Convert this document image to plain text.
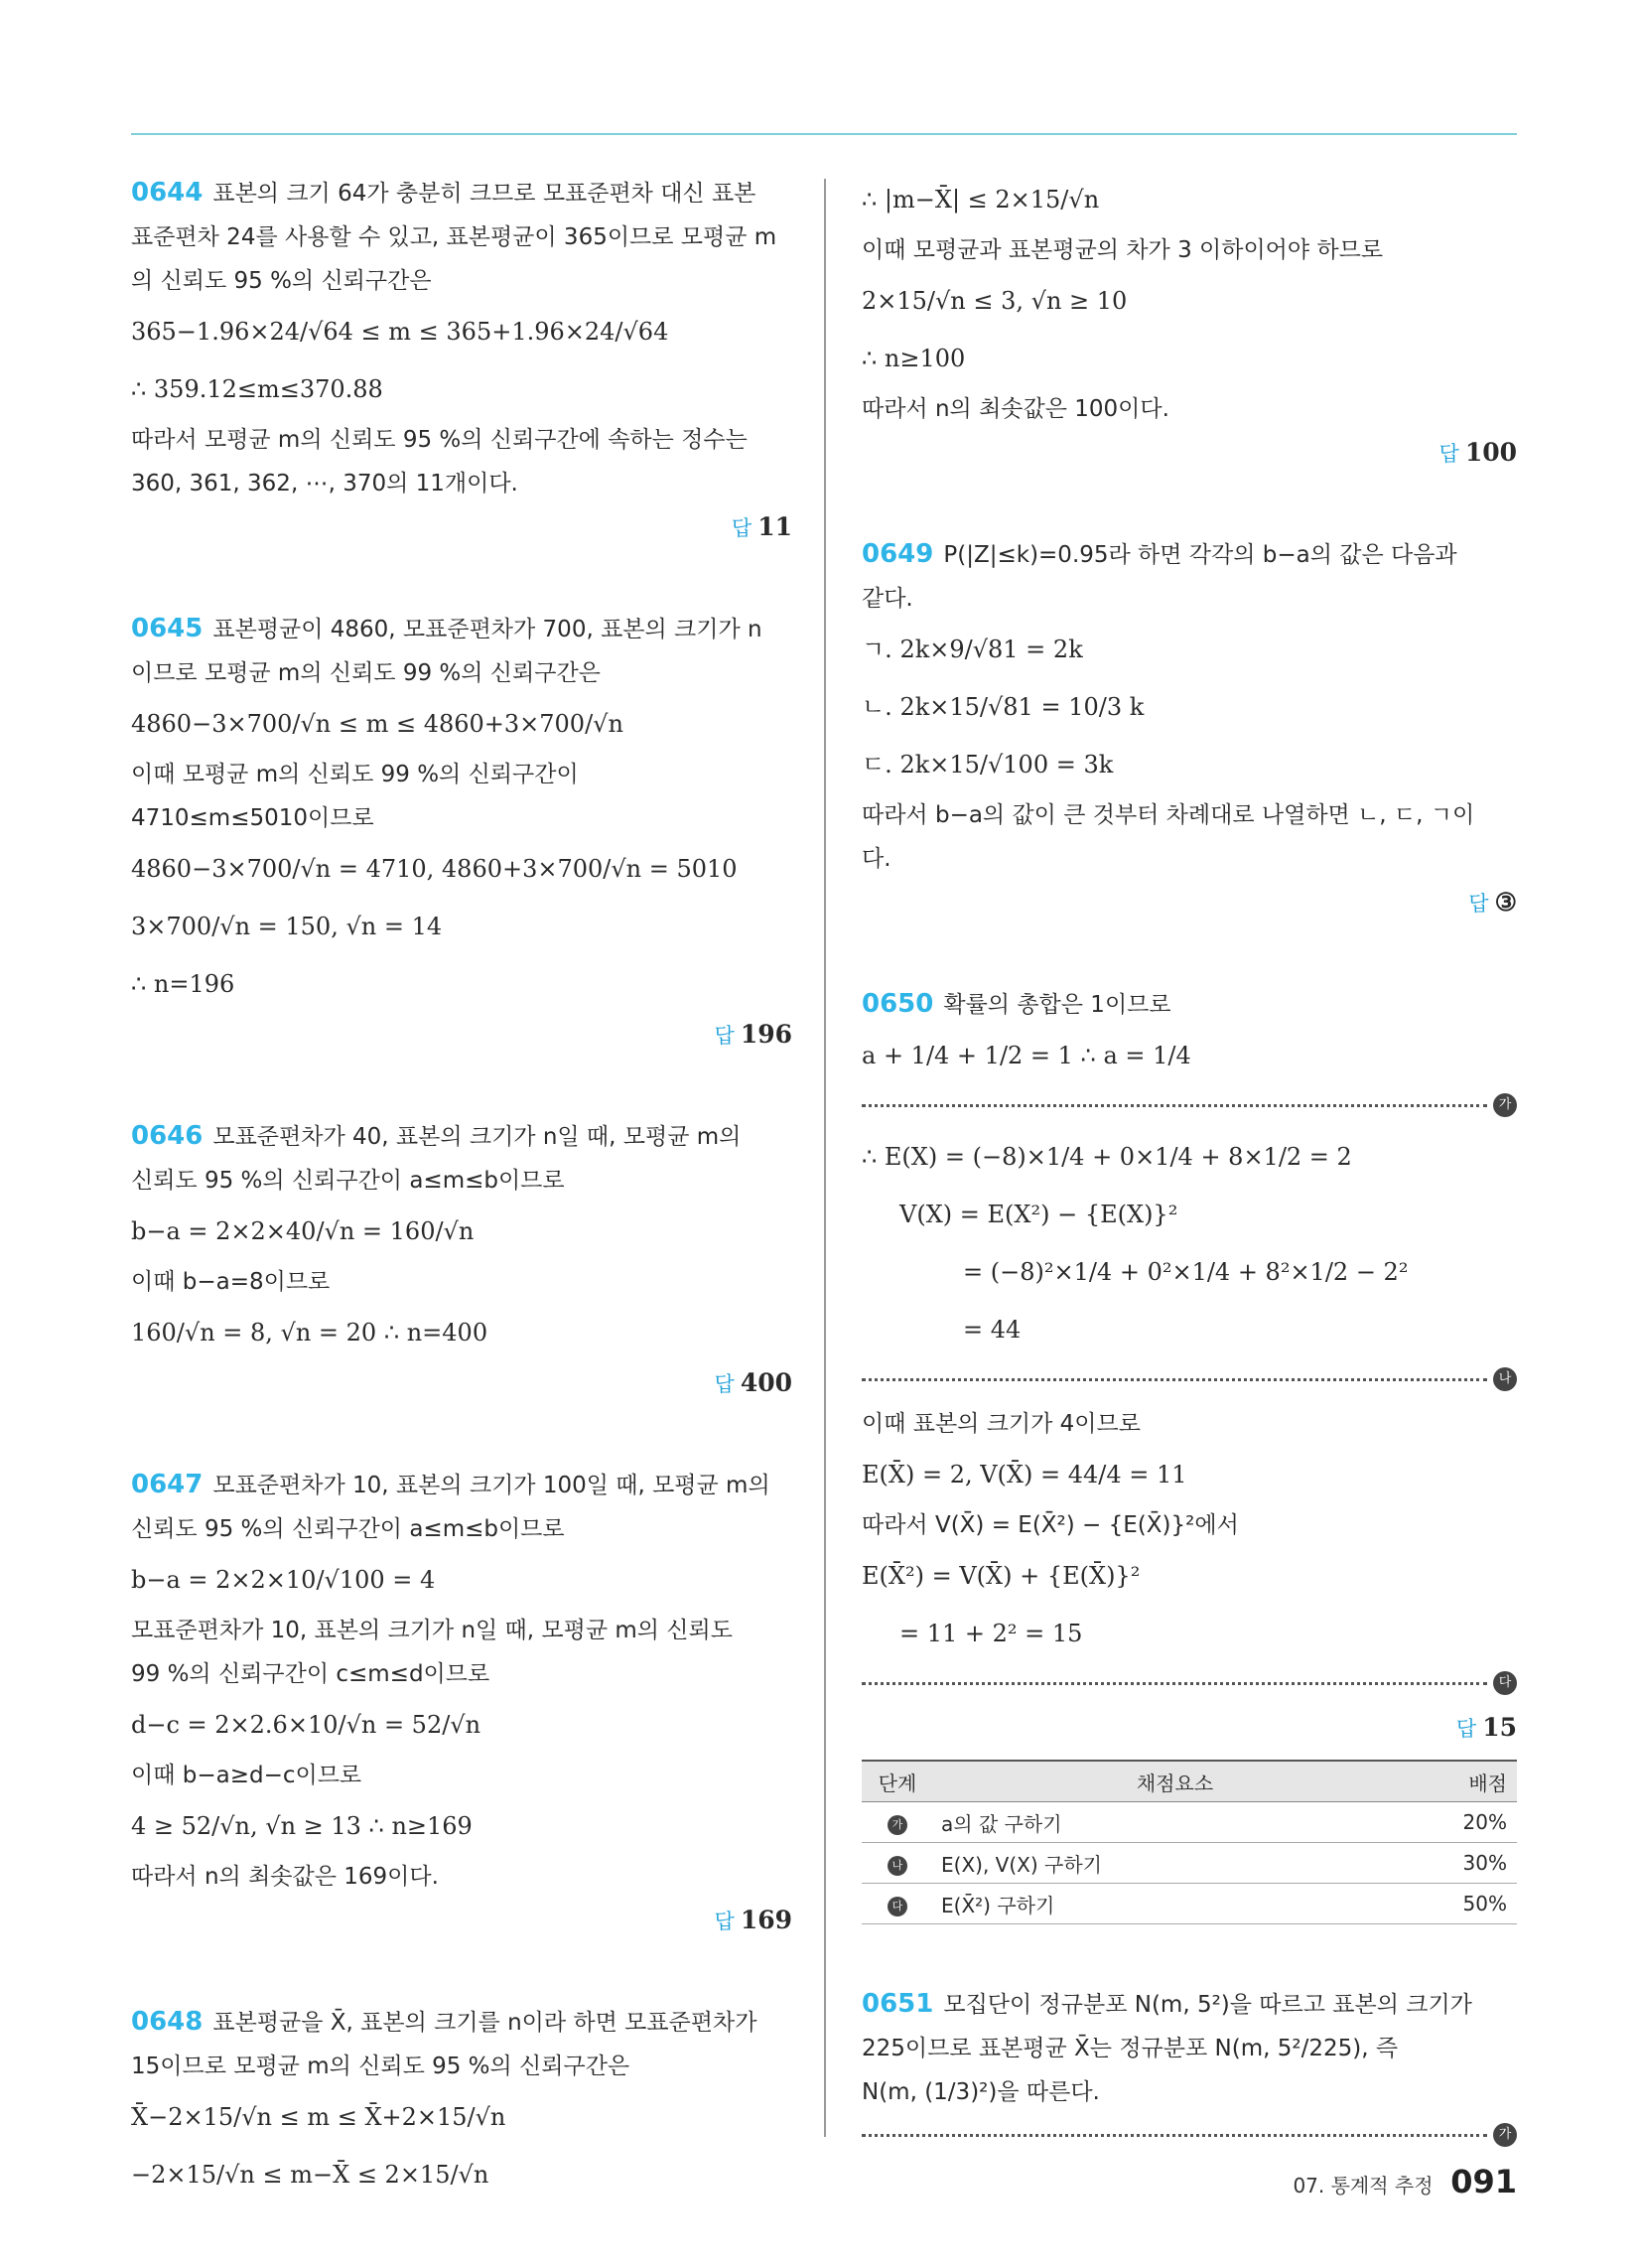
0644 표본의 크기 64가 충분히 크므로 모표준편차 대신 표본
표준편차 24를 사용할 수 있고, 표본평균이 365이므로 모평균 m
의 신뢰도 95 %의 신뢰구간은
365−1.96×24/√64 ≤ m ≤ 365+1.96×24/√64
∴ 359.12≤m≤370.88
따라서 모평균 m의 신뢰도 95 %의 신뢰구간에 속하는 정수는
360, 361, 362, ⋯, 370의 11개이다.
답 11
0645 표본평균이 4860, 모표준편차가 700, 표본의 크기가 n
이므로 모평균 m의 신뢰도 99 %의 신뢰구간은
4860−3×700/√n ≤ m ≤ 4860+3×700/√n
이때 모평균 m의 신뢰도 99 %의 신뢰구간이
4710≤m≤5010이므로
4860−3×700/√n = 4710, 4860+3×700/√n = 5010
3×700/√n = 150, √n = 14
∴ n=196
답 196
0646 모표준편차가 40, 표본의 크기가 n일 때, 모평균 m의
신뢰도 95 %의 신뢰구간이 a≤m≤b이므로
b−a = 2×2×40/√n = 160/√n
이때 b−a=8이므로
160/√n = 8, √n = 20 ∴ n=400
답 400
0647 모표준편차가 10, 표본의 크기가 100일 때, 모평균 m의
신뢰도 95 %의 신뢰구간이 a≤m≤b이므로
b−a = 2×2×10/√100 = 4
모표준편차가 10, 표본의 크기가 n일 때, 모평균 m의 신뢰도
99 %의 신뢰구간이 c≤m≤d이므로
d−c = 2×2.6×10/√n = 52/√n
이때 b−a≥d−c이므로
4 ≥ 52/√n, √n ≥ 13 ∴ n≥169
따라서 n의 최솟값은 169이다.
답 169
0648 표본평균을 X̄, 표본의 크기를 n이라 하면 모표준편차가
15이므로 모평균 m의 신뢰도 95 %의 신뢰구간은
X̄−2×15/√n ≤ m ≤ X̄+2×15/√n
−2×15/√n ≤ m−X̄ ≤ 2×15/√n
∴ |m−X̄| ≤ 2×15/√n
이때 모평균과 표본평균의 차가 3 이하이어야 하므로
2×15/√n ≤ 3, √n ≥ 10
∴ n≥100
따라서 n의 최솟값은 100이다.
답 100
0649 P(|Z|≤k)=0.95라 하면 각각의 b−a의 값은 다음과
같다.
ㄱ. 2k×9/√81 = 2k
ㄴ. 2k×15/√81 = 10/3 k
ㄷ. 2k×15/√100 = 3k
따라서 b−a의 값이 큰 것부터 차례대로 나열하면 ㄴ, ㄷ, ㄱ이
다.
답 ③
0650 확률의 총합은 1이므로
a + 1/4 + 1/2 = 1 ∴ a = 1/4
가
∴ E(X) = (−8)×1/4 + 0×1/4 + 8×1/2 = 2
V(X) = E(X²) − {E(X)}²
= (−8)²×1/4 + 0²×1/4 + 8²×1/2 − 2²
= 44
나
이때 표본의 크기가 4이므로
E(X̄) = 2, V(X̄) = 44/4 = 11
따라서 V(X̄) = E(X̄²) − {E(X̄)}²에서
E(X̄²) = V(X̄) + {E(X̄)}²
= 11 + 2² = 15
다
답 15
단계	채점요소	배점
가	a의 값 구하기	20%
나	E(X), V(X) 구하기	30%
다	E(X̄²) 구하기	50%
0651 모집단이 정규분포 N(m, 5²)을 따르고 표본의 크기가
225이므로 표본평균 X̄는 정규분포 N(m, 5²/225), 즉
N(m, (1/3)²)을 따른다.
가
07. 통계적 추정 091
